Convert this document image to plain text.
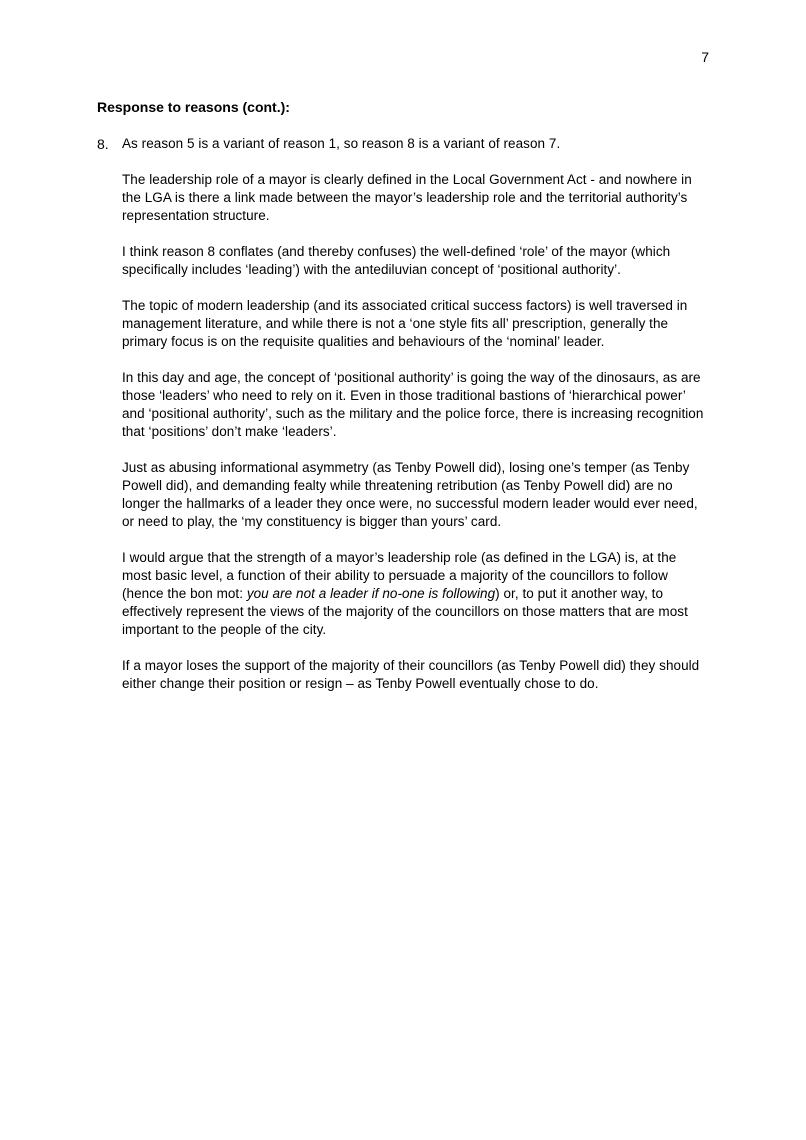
7
Response to reasons (cont.):
8. As reason 5 is a variant of reason 1, so reason 8 is a variant of reason 7.

The leadership role of a mayor is clearly defined in the Local Government Act - and nowhere in the LGA is there a link made between the mayor’s leadership role and the territorial authority’s representation structure.

I think reason 8 conflates (and thereby confuses) the well-defined ‘role’ of the mayor (which specifically includes ‘leading’) with the antediluvian concept of ‘positional authority’.

The topic of modern leadership (and its associated critical success factors) is well traversed in management literature, and while there is not a ‘one style fits all’ prescription, generally the primary focus is on the requisite qualities and behaviours of the ‘nominal’ leader.

In this day and age, the concept of ‘positional authority’ is going the way of the dinosaurs, as are those ‘leaders’ who need to rely on it. Even in those traditional bastions of ‘hierarchical power’ and ‘positional authority’, such as the military and the police force, there is increasing recognition that ‘positions’ don’t make ‘leaders’.

Just as abusing informational asymmetry (as Tenby Powell did), losing one’s temper (as Tenby Powell did), and demanding fealty while threatening retribution (as Tenby Powell did) are no longer the hallmarks of a leader they once were, no successful modern leader would ever need, or need to play, the ‘my constituency is bigger than yours’ card.

I would argue that the strength of a mayor’s leadership role (as defined in the LGA) is, at the most basic level, a function of their ability to persuade a majority of the councillors to follow (hence the bon mot: you are not a leader if no-one is following) or, to put it another way, to effectively represent the views of the majority of the councillors on those matters that are most important to the people of the city.

If a mayor loses the support of the majority of their councillors (as Tenby Powell did) they should either change their position or resign – as Tenby Powell eventually chose to do.
